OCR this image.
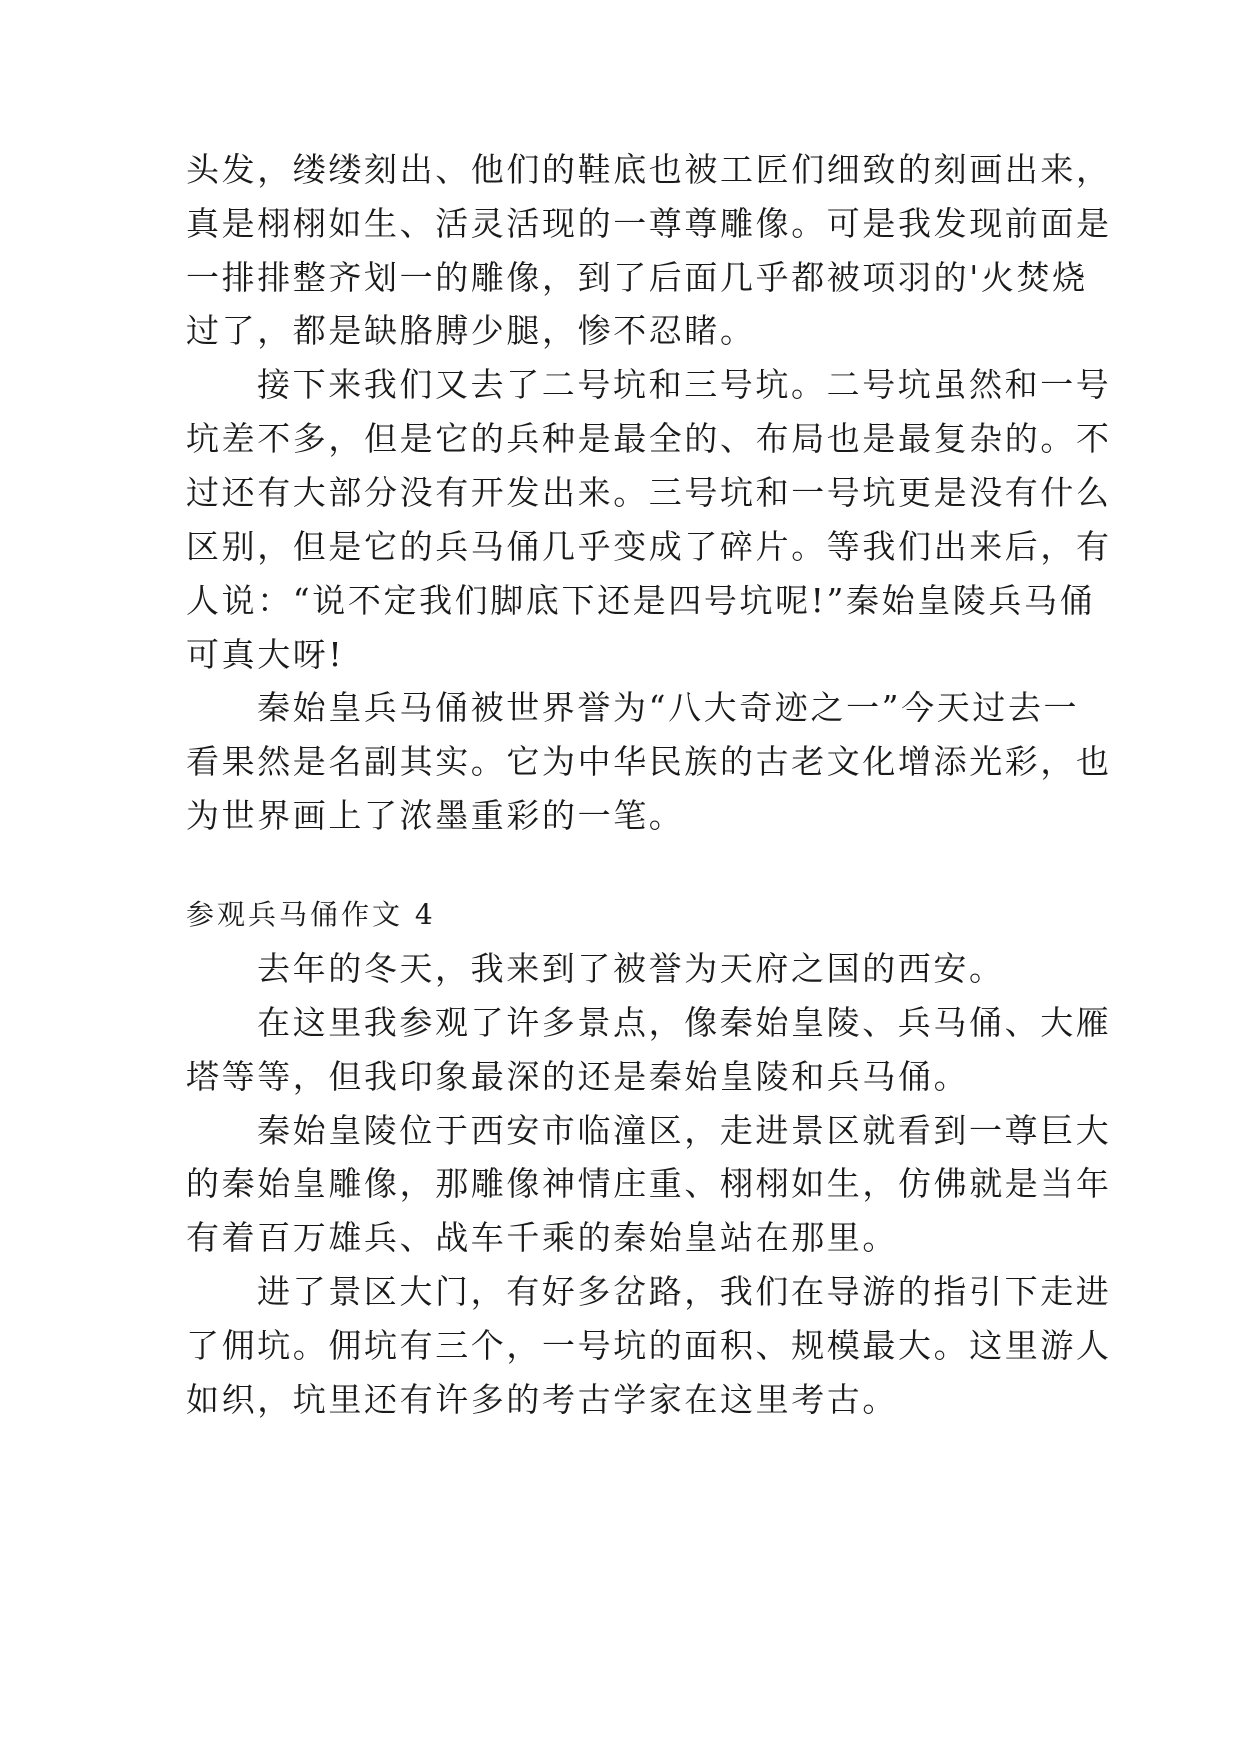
头发，缕缕刻出、他们的鞋底也被工匠们细致的刻画出来，
真是栩栩如生、活灵活现的一尊尊雕像。可是我发现前面是
一排排整齐划一的雕像，到了后面几乎都被项羽的'火焚烧
过了，都是缺胳膊少腿，惨不忍睹。
接下来我们又去了二号坑和三号坑。二号坑虽然和一号
坑差不多，但是它的兵种是最全的、布局也是最复杂的。不
过还有大部分没有开发出来。三号坑和一号坑更是没有什么
区别，但是它的兵马俑几乎变成了碎片。等我们出来后，有
人说：“说不定我们脚底下还是四号坑呢!”秦始皇陵兵马俑
可真大呀!
秦始皇兵马俑被世界誉为“八大奇迹之一”今天过去一
看果然是名副其实。它为中华民族的古老文化增添光彩，也
为世界画上了浓墨重彩的一笔。
参观兵马俑作文 4
去年的冬天，我来到了被誉为天府之国的西安。
在这里我参观了许多景点，像秦始皇陵、兵马俑、大雁
塔等等，但我印象最深的还是秦始皇陵和兵马俑。
秦始皇陵位于西安市临潼区，走进景区就看到一尊巨大
的秦始皇雕像，那雕像神情庄重、栩栩如生，仿佛就是当年
有着百万雄兵、战车千乘的秦始皇站在那里。
进了景区大门，有好多岔路，我们在导游的指引下走进
了佣坑。佣坑有三个，一号坑的面积、规模最大。这里游人
如织，坑里还有许多的考古学家在这里考古。
